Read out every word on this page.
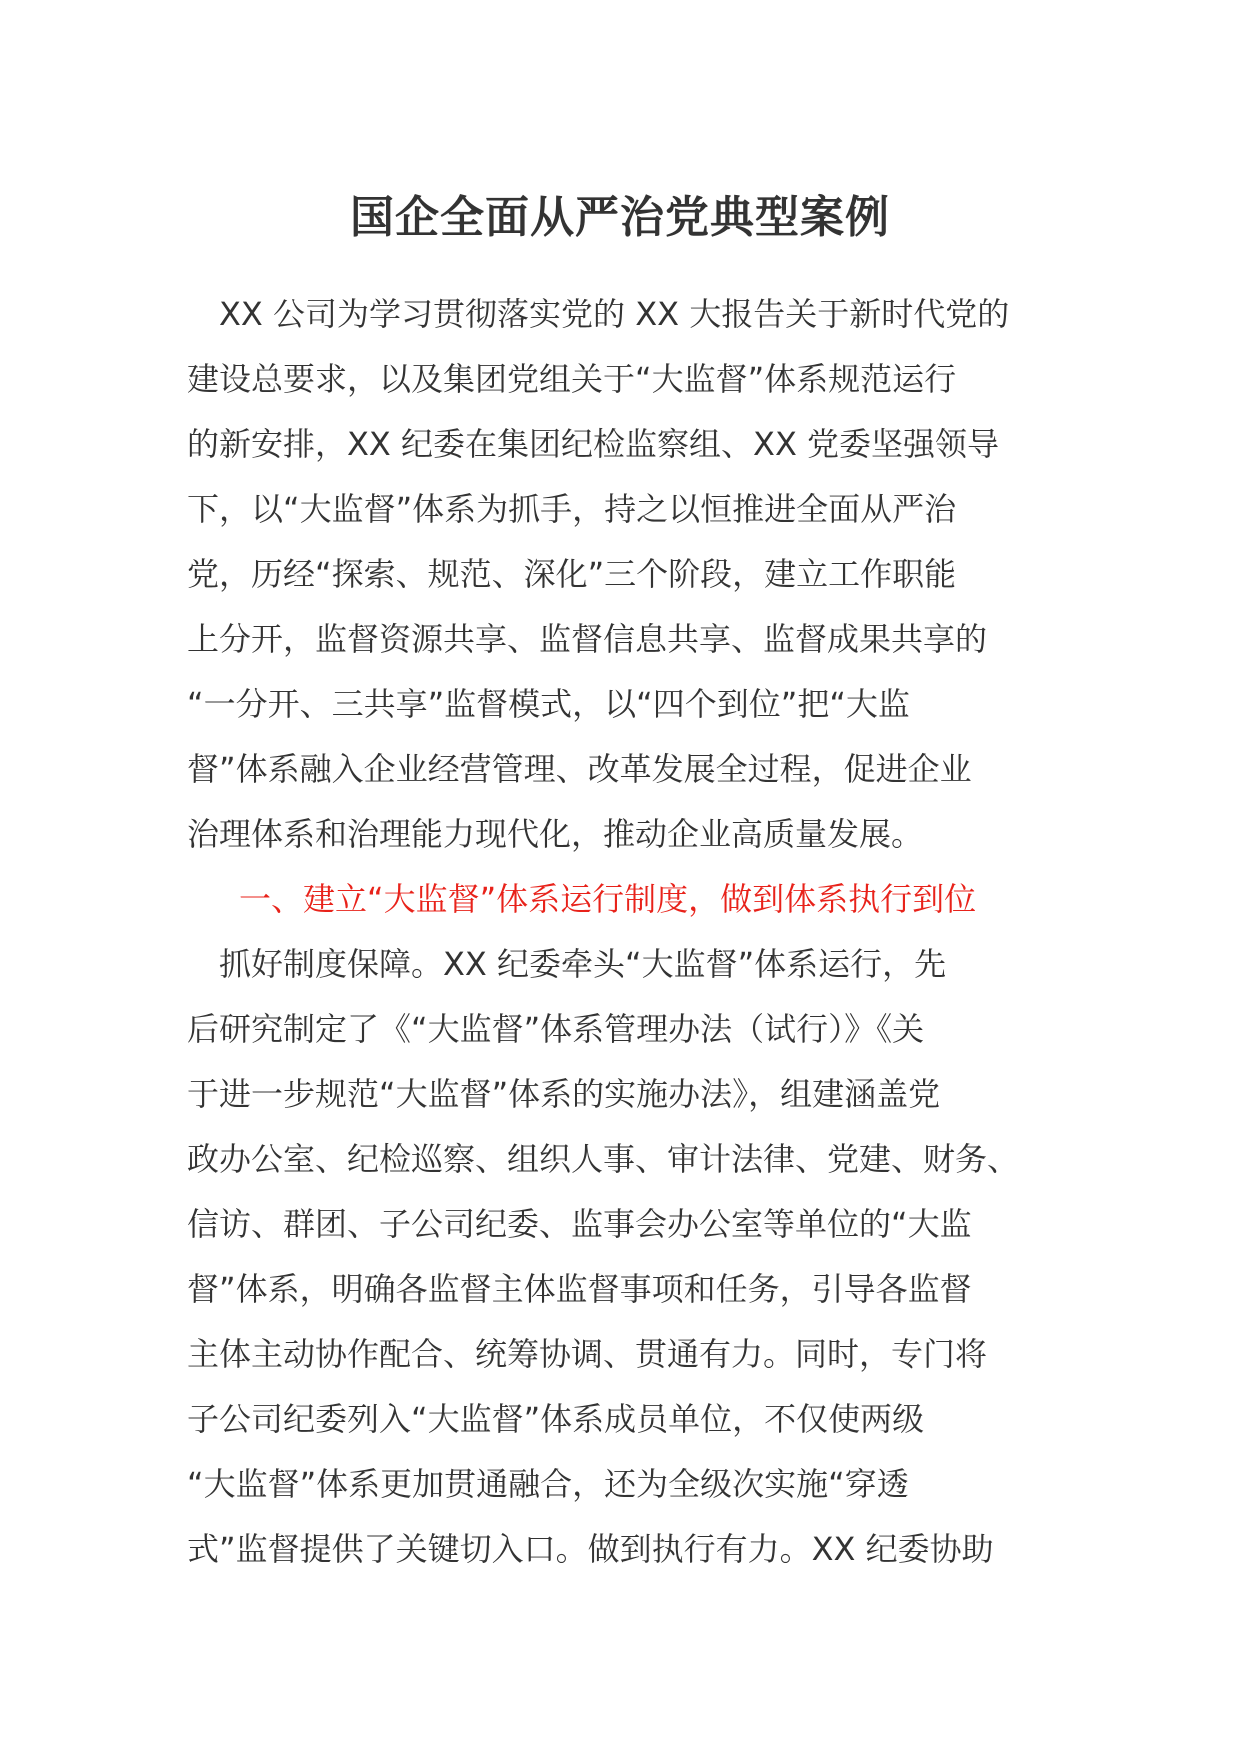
国企全面从严治党典型案例
　XX 公司为学习贯彻落实党的 XX 大报告关于新时代党的
建设总要求，以及集团党组关于“大监督”体系规范运行
的新安排，XX 纪委在集团纪检监察组、XX 党委坚强领导
下，以“大监督”体系为抓手，持之以恒推进全面从严治
党，历经“探索、规范、深化”三个阶段，建立工作职能
上分开，监督资源共享、监督信息共享、监督成果共享的
“一分开、三共享”监督模式，以“四个到位”把“大监
督”体系融入企业经营管理、改革发展全过程，促进企业
治理体系和治理能力现代化，推动企业高质量发展。
一、建立“大监督”体系运行制度，做到体系执行到位
　抓好制度保障。XX 纪委牵头“大监督”体系运行，先
后研究制定了《“大监督”体系管理办法（试行）》《关
于进一步规范“大监督”体系的实施办法》，组建涵盖党
政办公室、纪检巡察、组织人事、审计法律、党建、财务、
信访、群团、子公司纪委、监事会办公室等单位的“大监
督”体系，明确各监督主体监督事项和任务，引导各监督
主体主动协作配合、统筹协调、贯通有力。同时，专门将
子公司纪委列入“大监督”体系成员单位，不仅使两级
“大监督”体系更加贯通融合，还为全级次实施“穿透
式”监督提供了关键切入口。做到执行有力。XX 纪委协助
